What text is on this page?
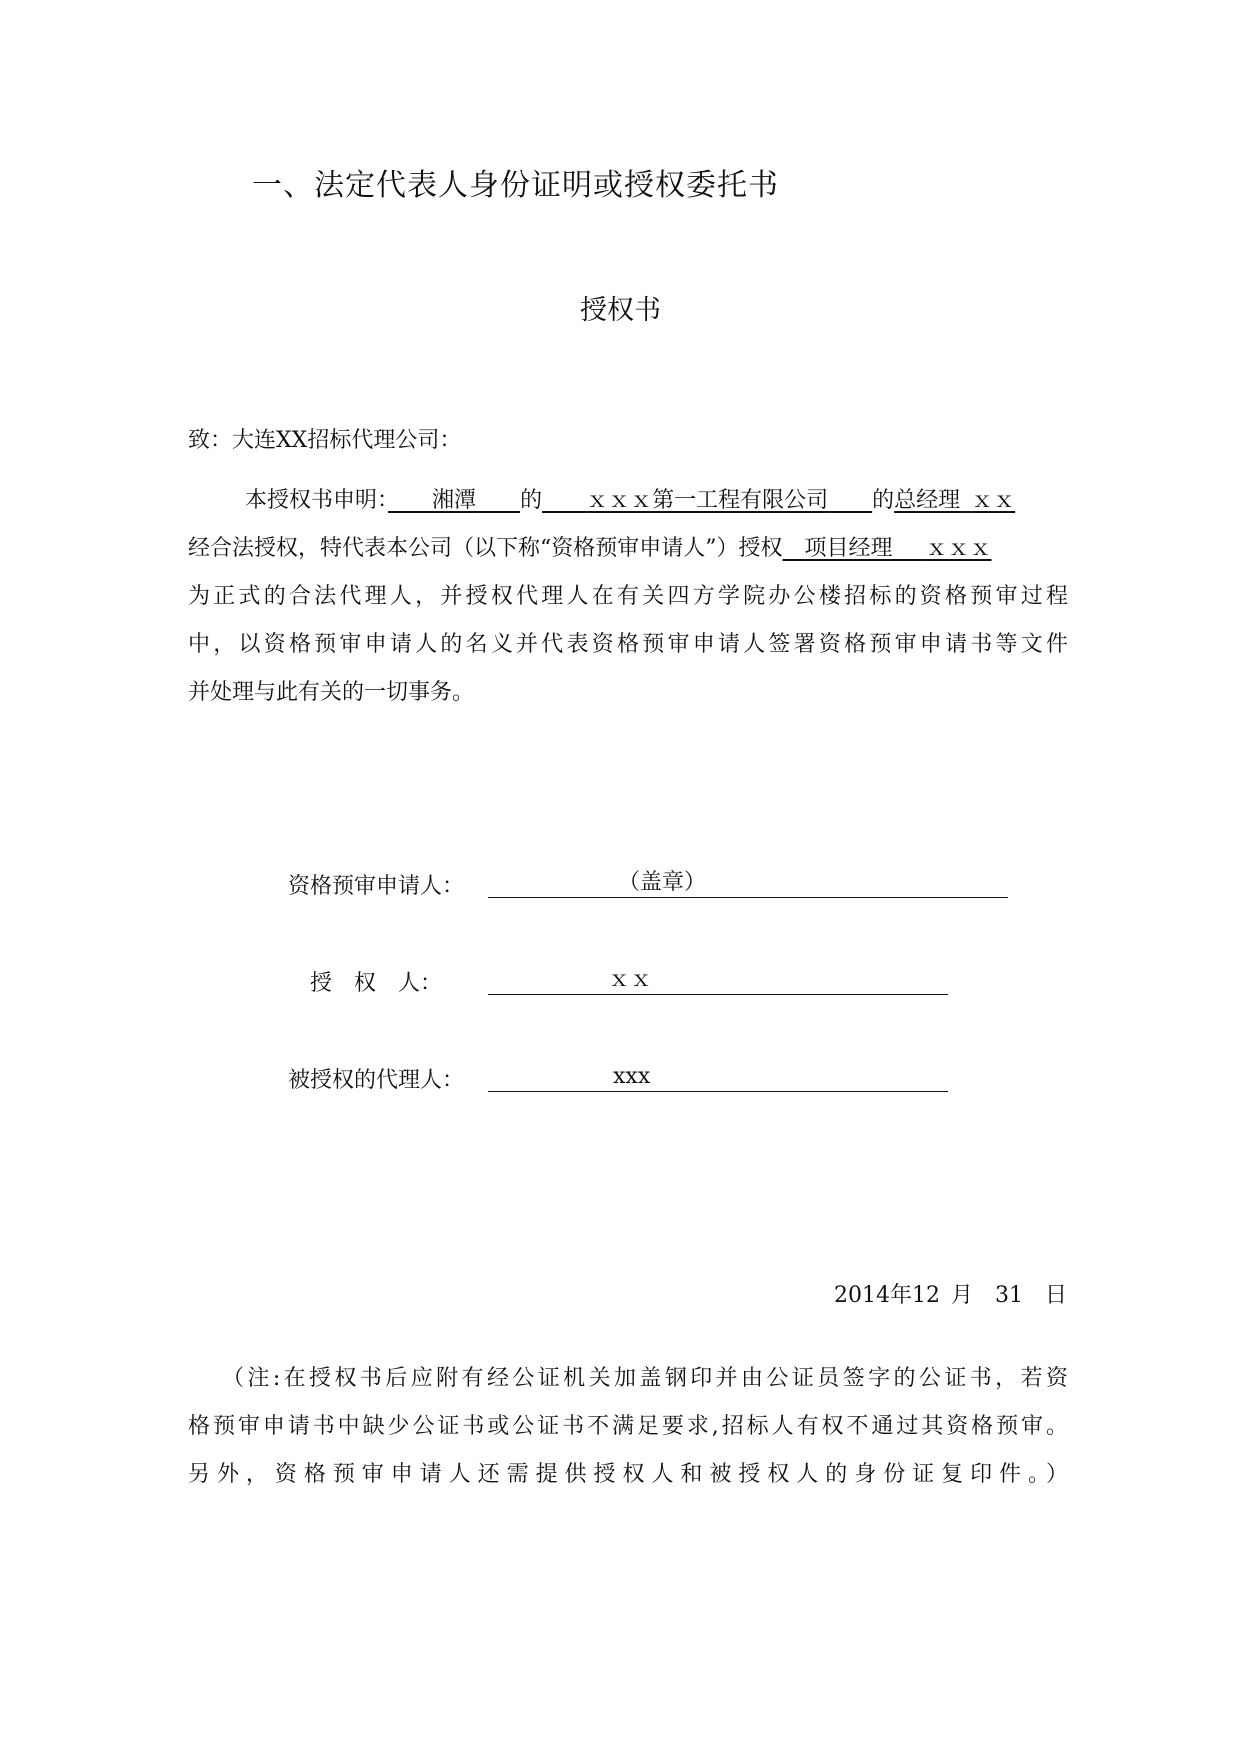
一、法定代表人身份证明或授权委托书
授权书
致：大连XX招标代理公司：
本授权书申明：　　 湘潭　　 的　　 ｘｘｘ第一工程有限公司　　 的总经理  ｘｘ
经合法授权，特代表本公司（以下称“资格预审申请人”）授权　 项目经理　  ｘｘｘ
为正式的合法代理人，并授权代理人在有关四方学院办公楼招标的资格预审过程
中，以资格预审申请人的名义并代表资格预审申请人签署资格预审申请书等文件
并处理与此有关的一切事务。
资格预审申请人：	（盖章）
授　权　人：	ｘｘ
被授权的代理人：	xxx
2014年12  月   31   日
（注:在授权书后应附有经公证机关加盖钢印并由公证员签字的公证书，若资
格预审申请书中缺少公证书或公证书不满足要求,招标人有权不通过其资格预审。
另外，资格预审申请人还需提供授权人和被授权人的身份证复印件。）
